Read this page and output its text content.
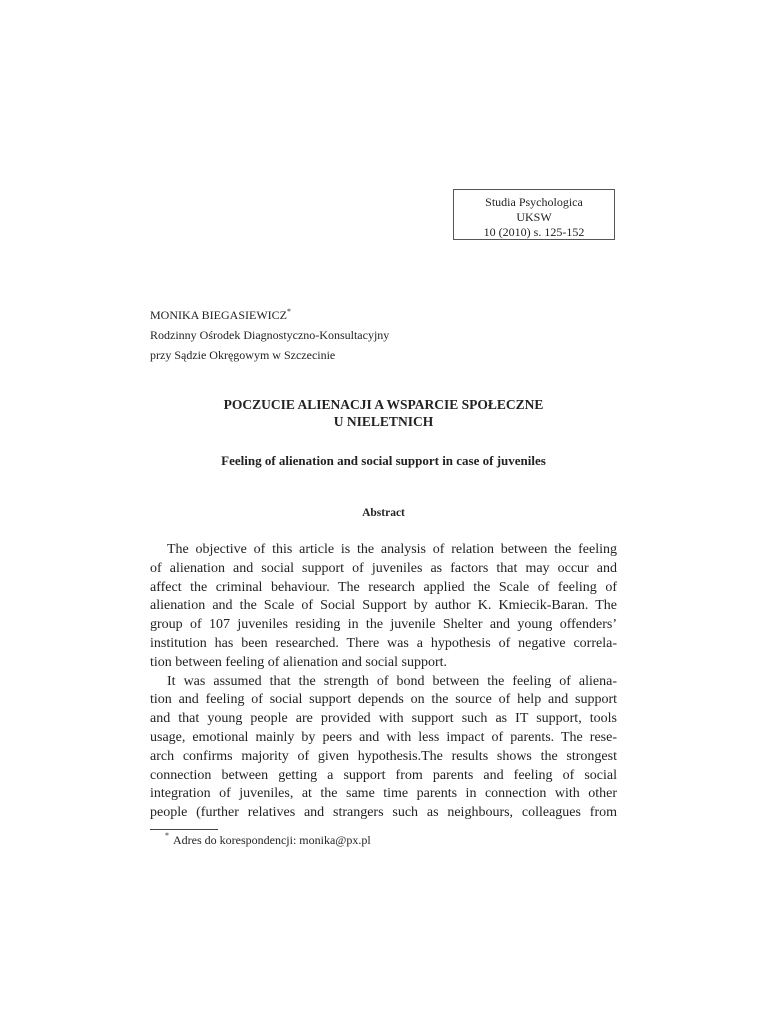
Studia Psychologica
UKSW
10 (2010) s. 125-152
MONIKA BIEGASIEWICZ*
Rodzinny Ośrodek Diagnostyczno-Konsultacyjny
przy Sądzie Okręgowym w Szczecinie
POCZUCIE ALIENACJI A WSPARCIE SPOŁECZNE
U NIELETNICH
Feeling of alienation and social support in case of juveniles
Abstract
The objective of this article is the analysis of relation between the feeling
of alienation and social support of juveniles as factors that may occur and
affect the criminal behaviour. The research applied the Scale of feeling of
alienation and the Scale of Social Support by author K. Kmiecik-Baran. The
group of 107 juveniles residing in the juvenile Shelter and young offenders’
institution has been researched. There was a hypothesis of negative correla-
tion between feeling of alienation and social support.
It was assumed that the strength of bond between the feeling of aliena-
tion and feeling of social support depends on the source of help and support
and that young people are provided with support such as IT support, tools
usage, emotional mainly by peers and with less impact of parents. The rese-
arch confirms majority of given hypothesis.The results shows the strongest
connection between getting a support from parents and feeling of social
integration of juveniles, at the same time parents in connection with other
people (further relatives and strangers such as neighbours, colleagues from
* Adres do korespondencji: monika@px.pl
